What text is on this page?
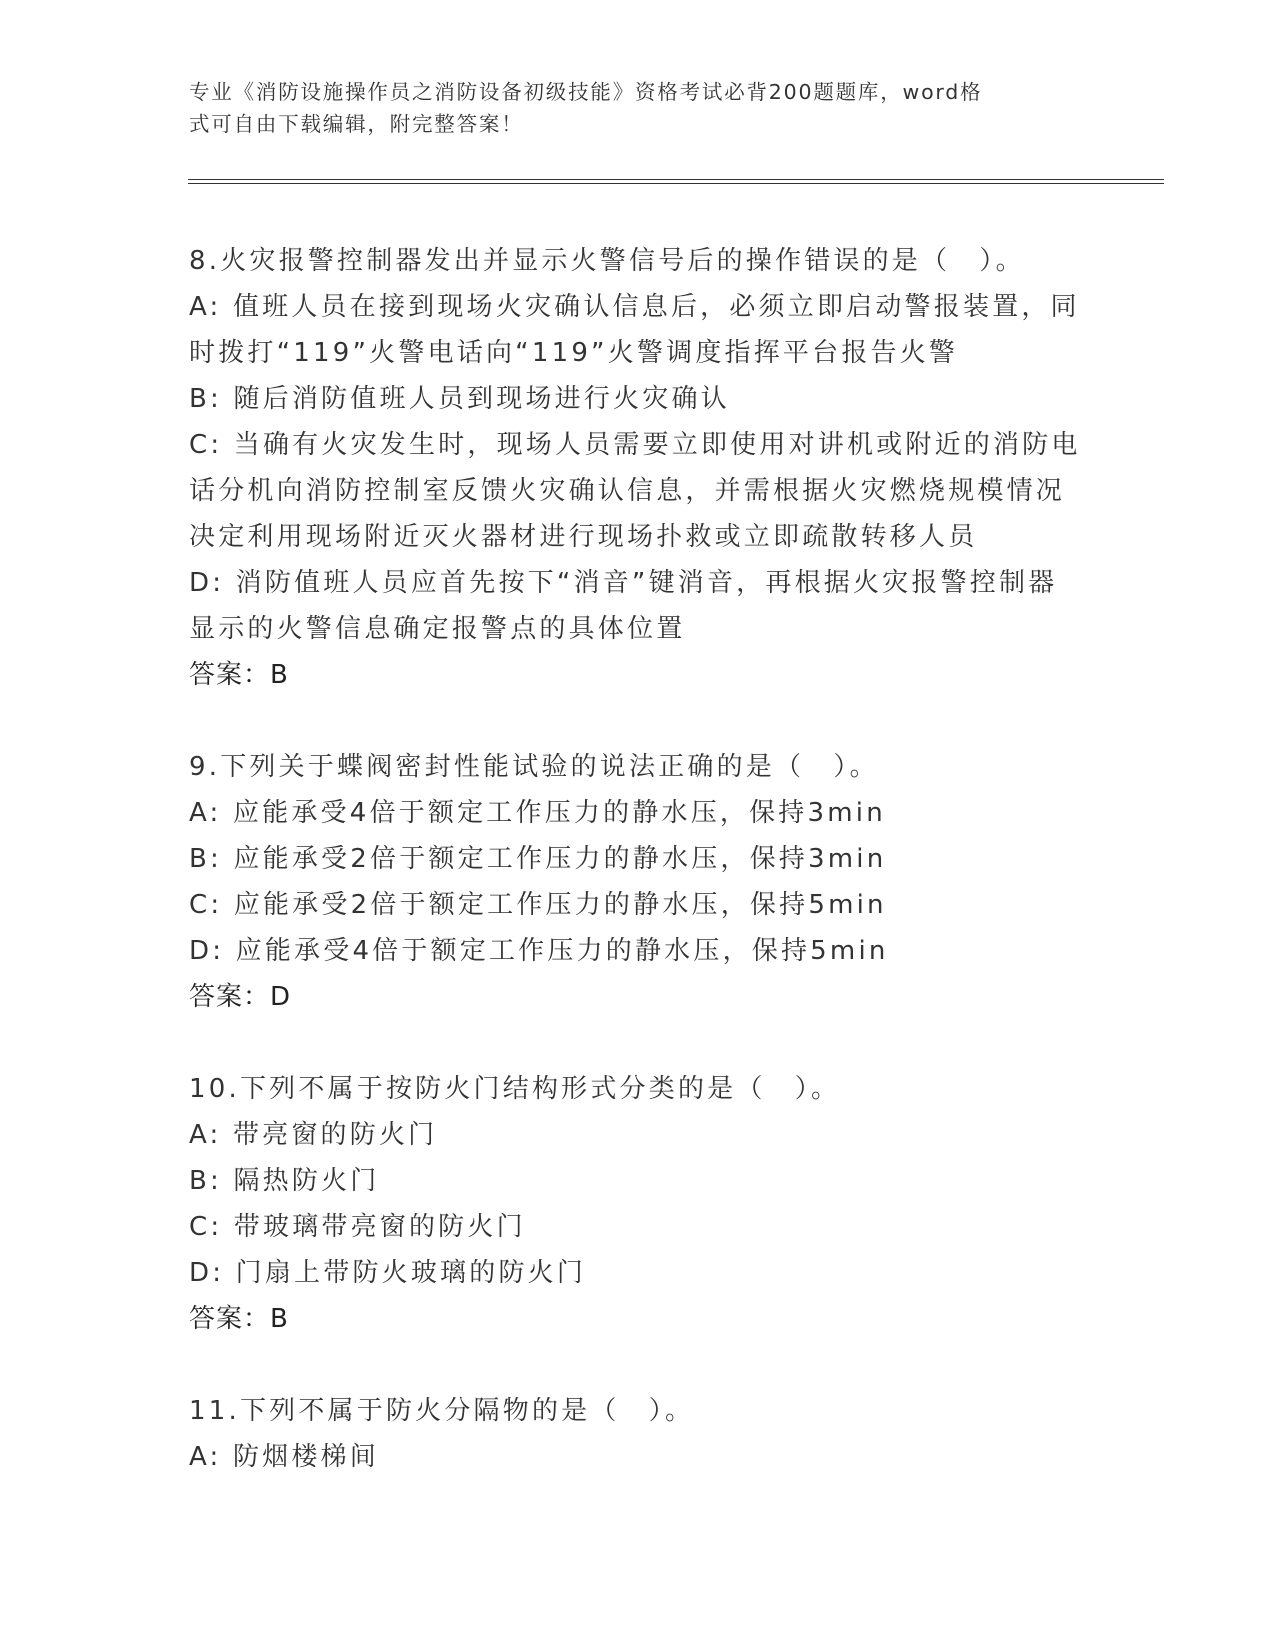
专业《消防设施操作员之消防设备初级技能》资格考试必背200题题库，word格
式可自由下载编辑，附完整答案！
8.火灾报警控制器发出并显示火警信号后的操作错误的是（　）。
A: 值班人员在接到现场火灾确认信息后，必须立即启动警报装置，同
时拨打“119”火警电话向“119”火警调度指挥平台报告火警
B: 随后消防值班人员到现场进行火灾确认
C: 当确有火灾发生时，现场人员需要立即使用对讲机或附近的消防电
话分机向消防控制室反馈火灾确认信息，并需根据火灾燃烧规模情况
决定利用现场附近灭火器材进行现场扑救或立即疏散转移人员
D: 消防值班人员应首先按下“消音”键消音，再根据火灾报警控制器
显示的火警信息确定报警点的具体位置
答案：B
9.下列关于蝶阀密封性能试验的说法正确的是（　）。
A: 应能承受4倍于额定工作压力的静水压，保持3min
B: 应能承受2倍于额定工作压力的静水压，保持3min
C: 应能承受2倍于额定工作压力的静水压，保持5min
D: 应能承受4倍于额定工作压力的静水压，保持5min
答案：D
10.下列不属于按防火门结构形式分类的是（　）。
A: 带亮窗的防火门
B: 隔热防火门
C: 带玻璃带亮窗的防火门
D: 门扇上带防火玻璃的防火门
答案：B
11.下列不属于防火分隔物的是（　）。
A: 防烟楼梯间
